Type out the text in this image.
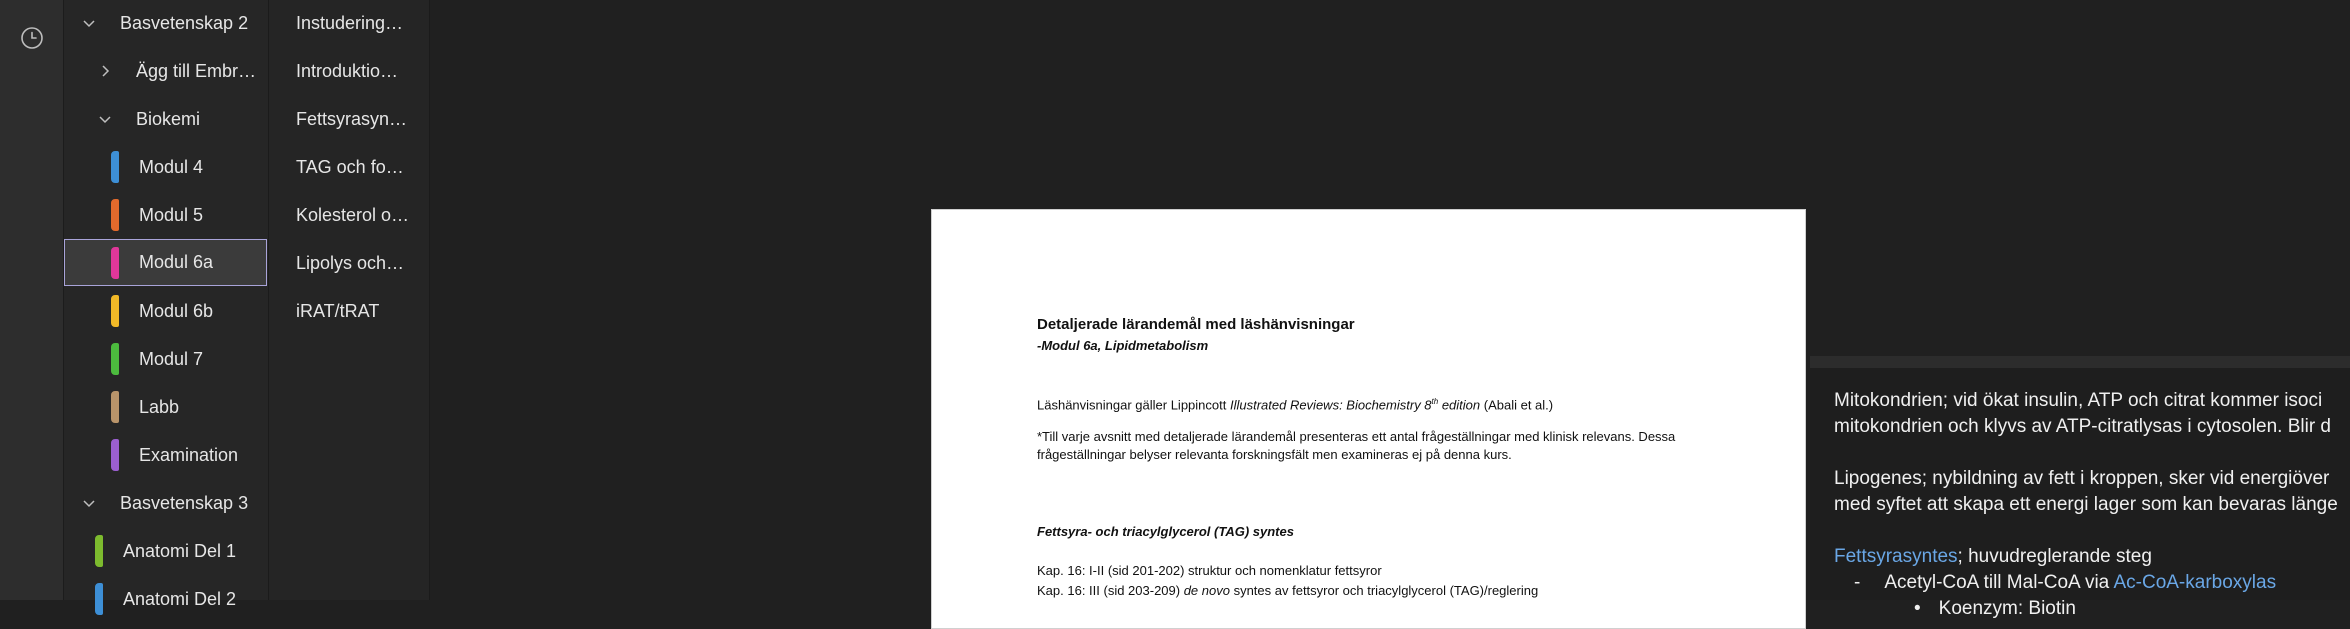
Basvetenskap 2
Ägg till Embr…
Biokemi
Modul 4
Modul 5
Modul 6a
Modul 6b
Modul 7
Labb
Examination
Basvetenskap 3
Anatomi Del 1
Anatomi Del 2
Instudering…
Introduktio…
Fettsyrasyn…
TAG och fo…
Kolesterol o…
Lipolys och…
iRAT/tRAT
Detaljerade lärandemål med läshänvisningar
-Modul 6a, Lipidmetabolism
Läshänvisningar gäller Lippincott Illustrated Reviews: Biochemistry 8th edition (Abali et al.)
*Till varje avsnitt med detaljerade lärandemål presenteras ett antal frågeställningar med klinisk relevans. Dessa
frågeställningar belyser relevanta forskningsfält men examineras ej på denna kurs.
Fettsyra- och triacylglycerol (TAG) syntes
Kap. 16: I-II (sid 201-202) struktur och nomenklatur fettsyror
Kap. 16: III (sid 203-209) de novo syntes av fettsyror och triacylglycerol (TAG)/reglering
Mitokondrien; vid ökat insulin, ATP och citrat kommer isoci
mitokondrien och klyvs av ATP-citratlysas i cytosolen. Blir d
Lipogenes; nybildning av fett i kroppen, sker vid energiöver
med syftet att skapa ett energi lager som kan bevaras länge
Fettsyrasyntes; huvudreglerande steg
- Acetyl-CoA till Mal-CoA via Ac-CoA-karboxylas
• Koenzym: Biotin
